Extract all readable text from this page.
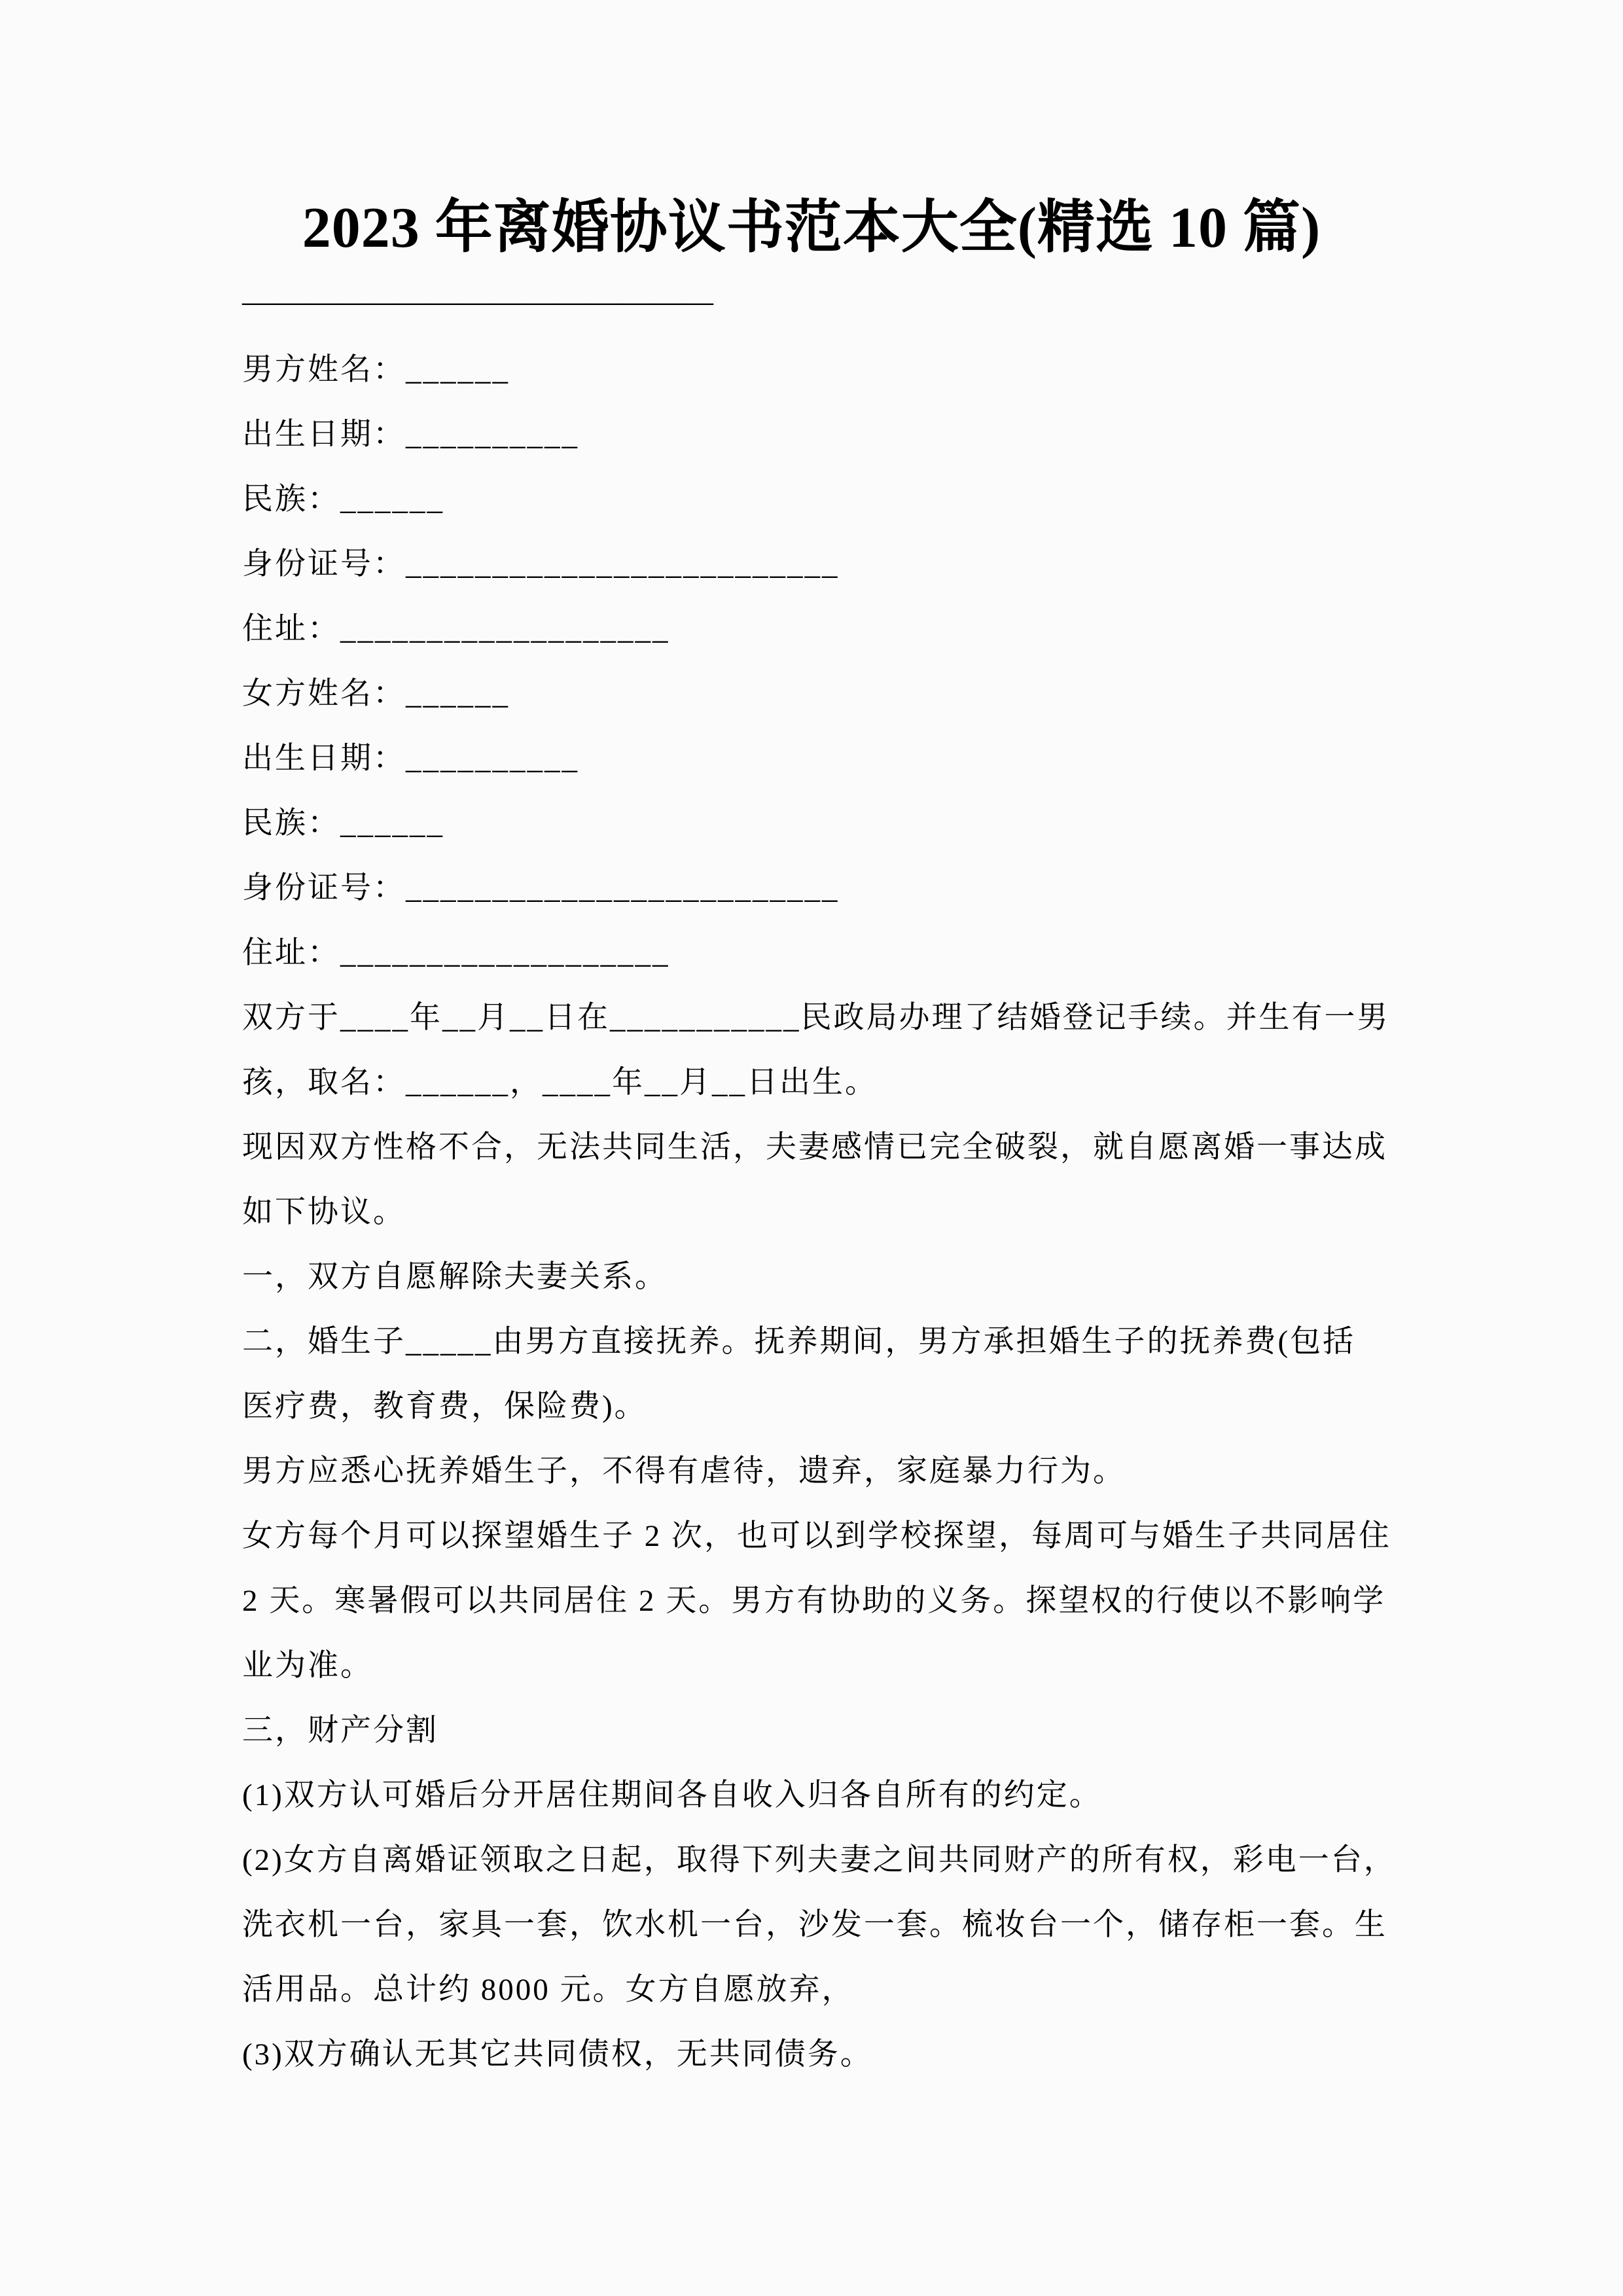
2023 年离婚协议书范本大全(精选 10 篇)
———————————————
男方姓名：______
出生日期：__________
民族：______
身份证号：_________________________
住址：___________________
女方姓名：______
出生日期：__________
民族：______
身份证号：_________________________
住址：___________________
双方于____年__月__日在___________民政局办理了结婚登记手续。并生有一男
孩，取名：______，____年__月__日出生。
现因双方性格不合，无法共同生活，夫妻感情已完全破裂，就自愿离婚一事达成
如下协议。
一，双方自愿解除夫妻关系。
二，婚生子_____由男方直接抚养。抚养期间，男方承担婚生子的抚养费(包括
医疗费，教育费，保险费)。
男方应悉心抚养婚生子，不得有虐待，遗弃，家庭暴力行为。
女方每个月可以探望婚生子 2 次，也可以到学校探望，每周可与婚生子共同居住
2 天。寒暑假可以共同居住 2 天。男方有协助的义务。探望权的行使以不影响学
业为准。
三，财产分割
(1)双方认可婚后分开居住期间各自收入归各自所有的约定。
(2)女方自离婚证领取之日起，取得下列夫妻之间共同财产的所有权，彩电一台，
洗衣机一台，家具一套，饮水机一台，沙发一套。梳妆台一个，储存柜一套。生
活用品。总计约 8000 元。女方自愿放弃，
(3)双方确认无其它共同债权，无共同债务。
